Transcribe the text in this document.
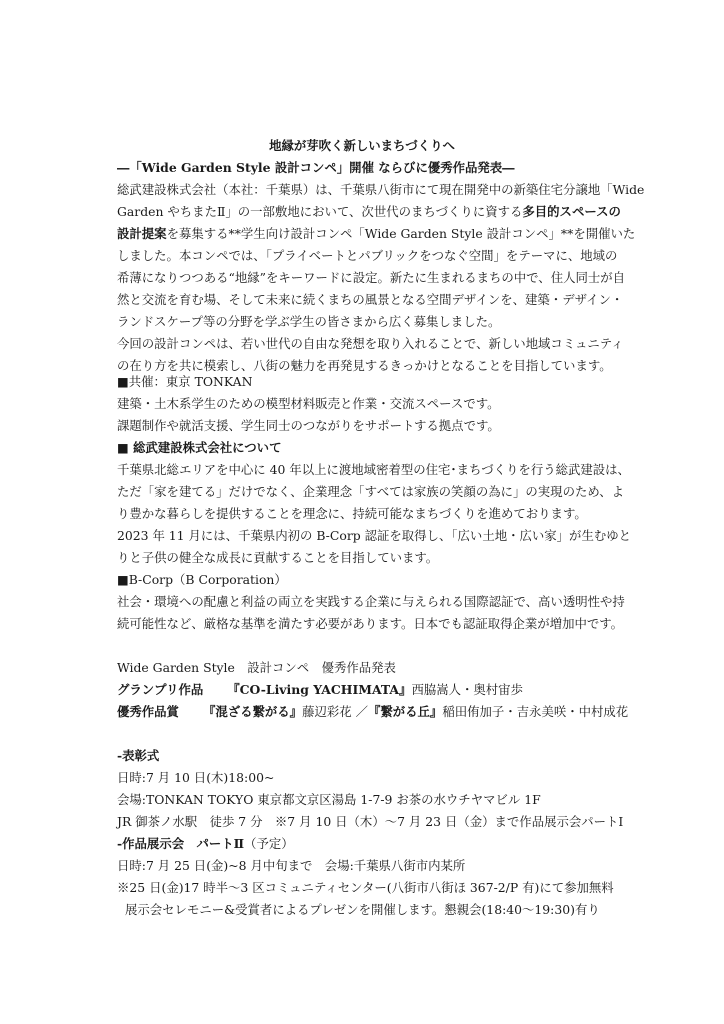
地縁が芽吹く新しいまちづくりへ
―「Wide Garden Style 設計コンペ」開催 ならびに優秀作品発表―
総武建設株式会社（本社：千葉県）は、千葉県八街市にて現在開発中の新築住宅分譲地「Wide
Garden やちまたⅡ」の一部敷地において、次世代のまちづくりに資する多目的スペースの
設計提案を募集する**学生向け設計コンペ「Wide Garden Style 設計コンペ」**を開催いた
しました。本コンペでは、「プライベートとパブリックをつなぐ空間」をテーマに、地域の
希薄になりつつある“地縁”をキーワードに設定。新たに生まれるまちの中で、住人同士が自
然と交流を育む場、そして未来に続くまちの風景となる空間デザインを、建築・デザイン・
ランドスケープ等の分野を学ぶ学生の皆さまから広く募集しました。
今回の設計コンペは、若い世代の自由な発想を取り入れることで、新しい地域コミュニティ
の在り方を共に模索し、八街の魅力を再発見するきっかけとなることを目指しています。
■共催：東京 TONKAN
建築・土木系学生のための模型材料販売と作業・交流スペースです。
課題制作や就活支援、学生同士のつながりをサポートする拠点です。
■ 総武建設株式会社について
千葉県北総エリアを中心に 40 年以上に渡地域密着型の住宅･まちづくりを行う総武建設は、
ただ「家を建てる」だけでなく、企業理念「すべては家族の笑顔の為に」の実現のため、よ
り豊かな暮らしを提供することを理念に、持続可能なまちづくりを進めております。
2023 年 11 月には、千葉県内初の B-Corp 認証を取得し、「広い土地・広い家」が生むゆと
りと子供の健全な成長に貢献することを目指しています。
■B-Corp（B Corporation）
社会・環境への配慮と利益の両立を実践する企業に与えられる国際認証で、高い透明性や持
続可能性など、厳格な基準を満たす必要があります。日本でも認証取得企業が増加中です。
Wide Garden Style　設計コンペ　優秀作品発表
グランプリ作品 『CO-Living YACHIMATA』西脇嵩人・奥村宙歩
優秀作品賞 『混ざる繋がる』藤辺彩花 ／『繋がる丘』稲田侑加子・吉永美咲・中村成花
-表彰式
日時:7 月 10 日(木)18:00~
会場:TONKAN TOKYO 東京都文京区湯島 1-7-9 お茶の水ウチヤマビル 1F
JR 御茶ノ水駅　徒歩 7 分　※7 月 10 日（木）～7 月 23 日（金）まで作品展示会パートⅠ
-作品展示会　パートⅡ（予定）
日時:7 月 25 日(金)~8 月中旬まで　会場:千葉県八街市内某所
※25 日(金)17 時半～3 区コミュニティセンター(八街市八街ほ 367-2/P 有)にて参加無料
展示会セレモニー&受賞者によるプレゼンを開催します。懇親会(18:40～19:30)有り
